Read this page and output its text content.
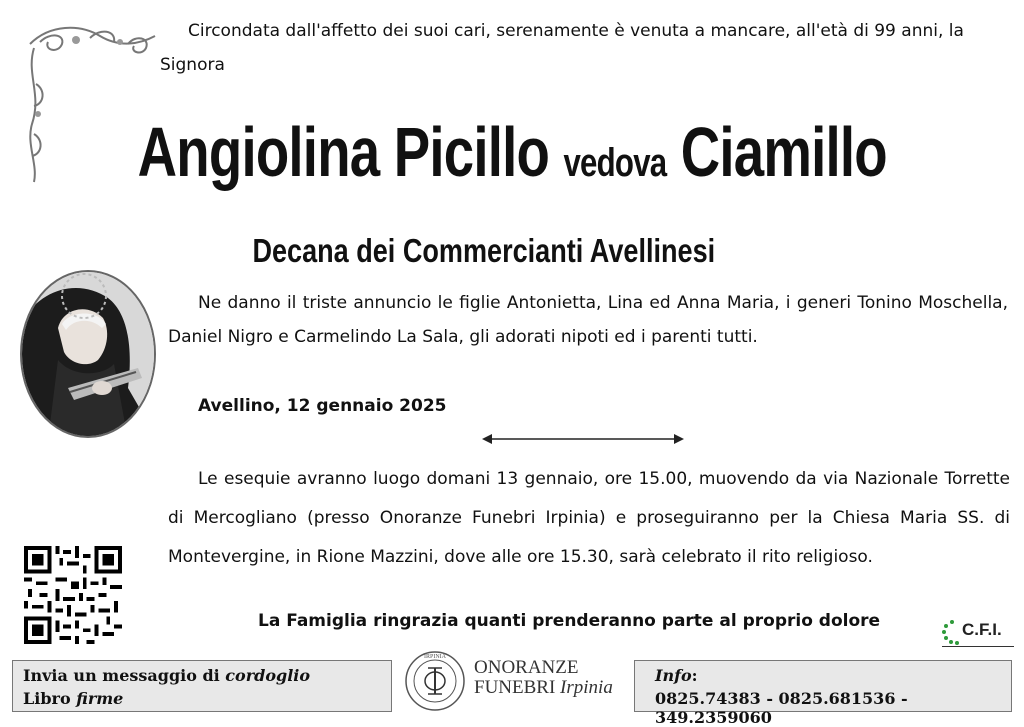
Circondata dall'affetto dei suoi cari, serenamente è venuta a mancare, all'età di 99 anni, la Signora
Angiolina Picillo vedova Ciamillo
Decana dei Commercianti Avellinesi
Ne danno il triste annuncio le figlie Antonietta, Lina ed Anna Maria, i generi Tonino Moschella, Daniel Nigro e Carmelindo La Sala, gli adorati nipoti ed i parenti tutti.
Avellino, 12 gennaio 2025
Le esequie avranno luogo domani 13 gennaio, ore 15.00, muovendo da via Nazionale Torrette di Mercogliano (presso Onoranze Funebri Irpinia) e proseguiranno per la Chiesa Maria SS. di Montevergine, in Rione Mazzini, dove alle ore 15.30, sarà celebrato il rito religioso.
La Famiglia ringrazia quanti prenderanno parte al proprio dolore	C.F.I.
Invia un messaggio di cordoglio
Libro firme
IRPINIA ONORANZE
FUNEBRI Irpinia
Info:
0825.74383 - 0825.681536 - 349.2359060
